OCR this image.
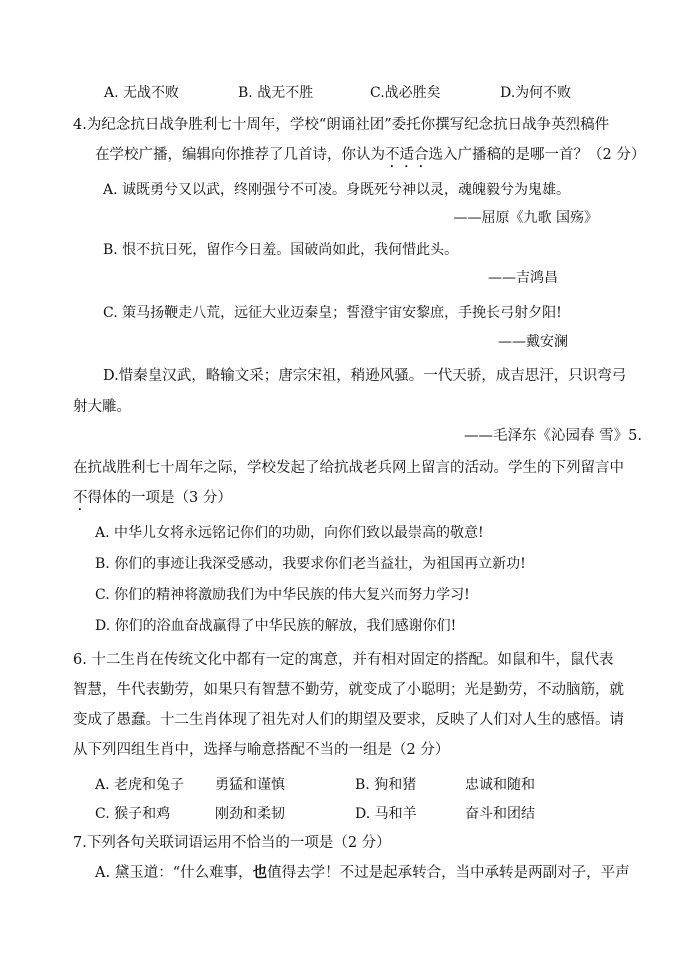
A. 无战不败	B. 战无不胜	C.战必胜矣	D.为何不败
4.为纪念抗日战争胜利七十周年，学校“朗诵社团”委托你撰写纪念抗日战争英烈稿件
在学校广播，编辑向你推荐了几首诗，你认为不适合选入广播稿的是哪一首？（2 分）
A. 诚既勇兮又以武，终刚强兮不可凌。身既死兮神以灵，魂魄毅兮为鬼雄。
——屈原《九歌 国殇》
B. 恨不抗日死，留作今日羞。国破尚如此，我何惜此头。
——吉鸿昌
C. 策马扬鞭走八荒，远征大业迈秦皇；誓澄宇宙安黎庶，手挽长弓射夕阳!
——戴安澜
D.惜秦皇汉武，略输文采；唐宗宋祖，稍逊风骚。一代天骄，成吉思汗，只识弯弓
射大雕。
——毛泽东《沁园春 雪》5.
在抗战胜利七十周年之际，学校发起了给抗战老兵网上留言的活动。学生的下列留言中
不得体的一项是（3 分）
A. 中华儿女将永远铭记你们的功勋，向你们致以最崇高的敬意!
B. 你们的事迹让我深受感动，我要求你们老当益壮，为祖国再立新功!
C. 你们的精神将激励我们为中华民族的伟大复兴而努力学习!
D. 你们的浴血奋战赢得了中华民族的解放，我们感谢你们!
6. 十二生肖在传统文化中都有一定的寓意，并有相对固定的搭配。如鼠和牛，鼠代表
智慧，牛代表勤劳，如果只有智慧不勤劳，就变成了小聪明；光是勤劳，不动脑筋，就
变成了愚蠢。十二生肖体现了祖先对人们的期望及要求，反映了人们对人生的感悟。请
从下列四组生肖中，选择与喻意搭配不当的一组是（2 分）
A. 老虎和兔子 勇猛和谨慎	B. 狗和猪	忠诚和随和
C. 猴子和鸡	刚劲和柔韧	D. 马和羊	奋斗和团结
7.下列各句关联词语运用不恰当的一项是（2 分）
A. 黛玉道：“什么难事，也值得去学！不过是起承转合，当中承转是两副对子，平声
